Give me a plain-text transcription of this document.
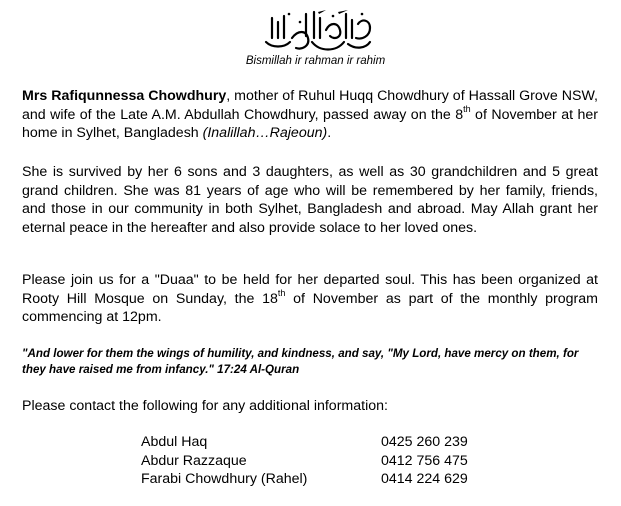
Bismillah ir rahman ir rahim

Mrs Rafiqunnessa Chowdhury, mother of Ruhul Huqq Chowdhury of Hassall Grove NSW, and wife of the Late A.M. Abdullah Chowdhury, passed away on the 8th of November at her home in Sylhet, Bangladesh (Inalillah…Rajeoun).

She is survived by her 6 sons and 3 daughters, as well as 30 grandchildren and 5 great grand children. She was 81 years of age who will be remembered by her family, friends, and those in our community in both Sylhet, Bangladesh and abroad. May Allah grant her eternal peace in the hereafter and also provide solace to her loved ones.

Please join us for a "Duaa" to be held for her departed soul. This has been organized at Rooty Hill Mosque on Sunday, the 18th of November as part of the monthly program commencing at 12pm.

"And lower for them the wings of humility, and kindness, and say, "My Lord, have mercy on them, for they have raised me from infancy." 17:24 Al-Quran

Please contact the following for any additional information:

Abdul Haq	0425 260 239
Abdur Razzaque	0412 756 475
Farabi Chowdhury (Rahel)	0414 224 629
